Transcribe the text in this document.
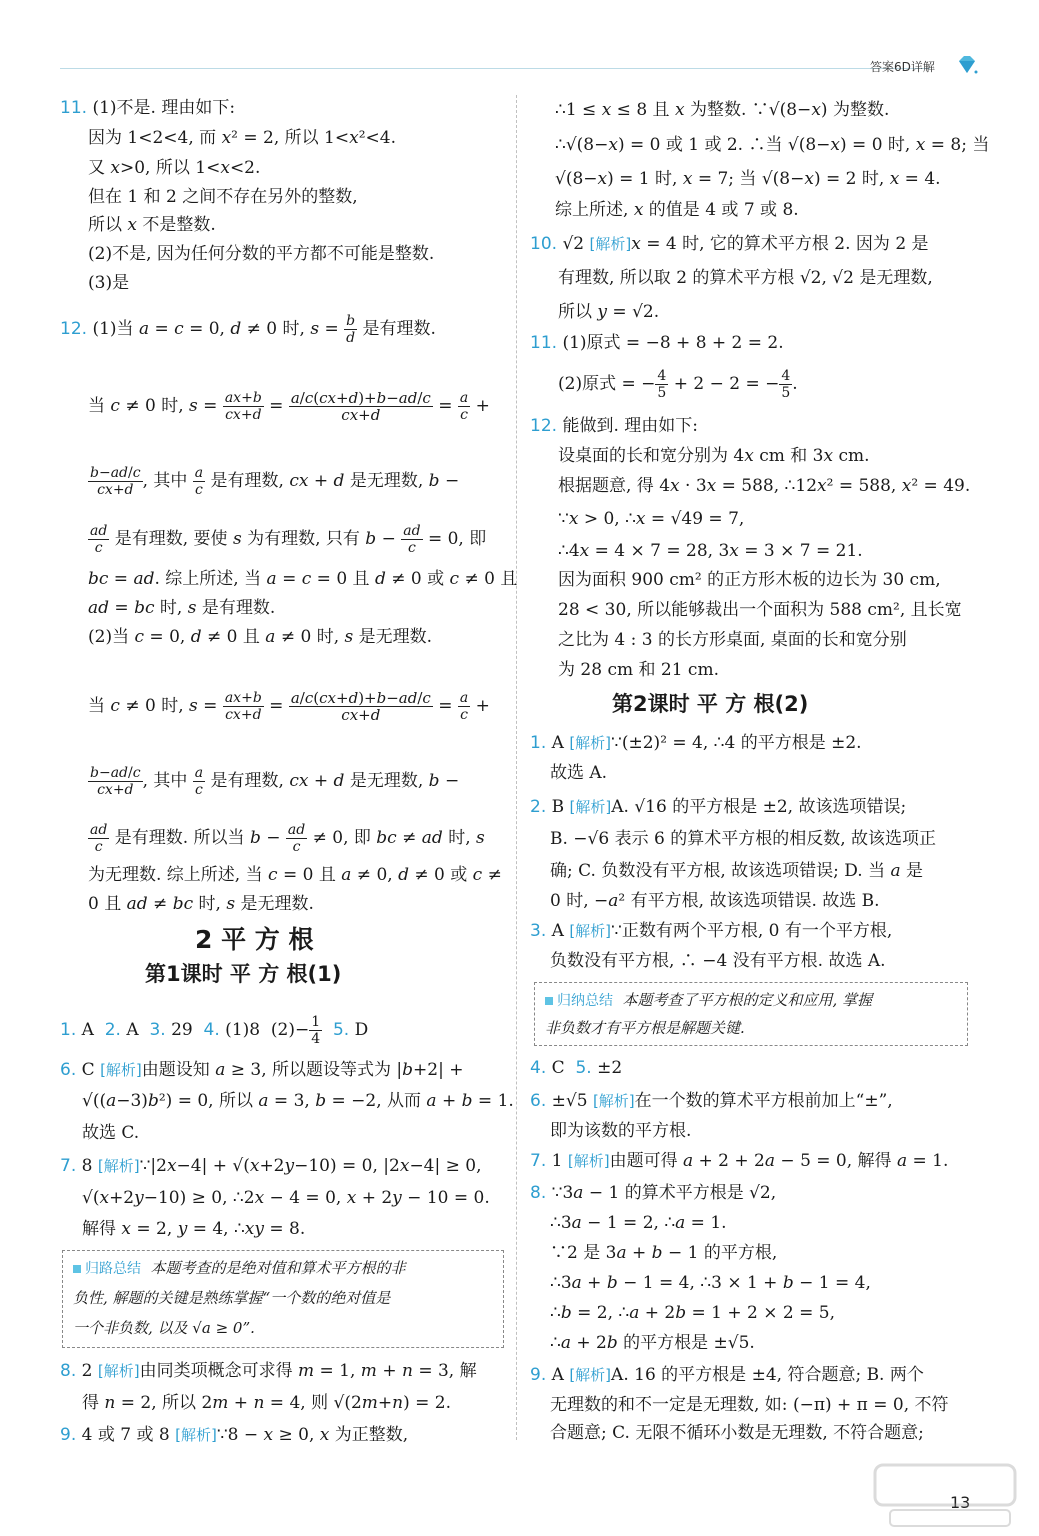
答案6D详解
11. (1)不是. 理由如下:
因为 1<2<4, 而 x² = 2, 所以 1<x²<4.
又 x>0, 所以 1<x<2.
但在 1 和 2 之间不存在另外的整数,
所以 x 不是整数.
(2)不是, 因为任何分数的平方都不可能是整数.
(3)是
12. (1)当 a = c = 0, d ≠ 0 时, $s = \frac{b}{d}$ 是有理数.
当 c ≠ 0 时, $s = \frac{ax+b}{cx+d} = \frac{a/c(cx+d)+b-ad/c}{cx+d} = \frac{a}{c}$ +
$\frac{b-ad/c}{cx+d}$ , 其中 $\frac{a}{c}$ 是有理数, cx + d 是无理数, b −
$\frac{ad}{c}$ 是有理数, 要使 s 为有理数, 只有 $b - \frac{ad}{c} = 0$, 即
bc = ad. 综上所述, 当 a = c = 0 且 d ≠ 0 或 c ≠ 0 且
ad = bc 时, s 是有理数.
(2)当 c = 0, d ≠ 0 且 a ≠ 0 时, s 是无理数.
当 c ≠ 0 时, $s = \frac{ax+b}{cx+d} = \frac{a/c(cx+d)+b-ad/c}{cx+d} = \frac{a}{c}$ +
$\frac{b-ad/c}{cx+d}$ , 其中 $\frac{a}{c}$ 是有理数, cx + d 是无理数, b −
$\frac{ad}{c}$ 是有理数. 所以当 $b - \frac{ad}{c} \ne 0$, 即 bc ≠ ad 时, s
为无理数. 综上所述, 当 c = 0 且 a ≠ 0, d ≠ 0 或 c ≠
0 且 ad ≠ bc 时, s 是无理数.
2 平 方 根
第1课时 平 方 根(1)
1. A  2. A  3. 29  4. (1)8  $(2)- \frac{1}{4} 5$. D
6. C [解析]由题设知 a ≥ 3, 所以题设等式为 |b+2| +
√((a−3)b²) = 0, 所以 a = 3, b = −2, 从而 a + b = 1.
故选 C.
7. 8 [解析]∵|2x−4| + √(x+2y−10) = 0, |2x−4| ≥ 0,
√(x+2y−10) ≥ 0, ∴2x − 4 = 0, x + 2y − 10 = 0.
解得 x = 2, y = 4, ∴xy = 8.
归路总结 本题考查的是绝对值和算术平方根的非
负性, 解题的关键是熟练掌握“一个数的绝对值是
一个非负数, 以及 √a ≥ 0”.
8. 2 [解析]由同类项概念可求得 m = 1, m + n = 3, 解
得 n = 2, 所以 2m + n = 4, 则 √(2m+n) = 2.
9. 4 或 7 或 8 [解析]∵8 − x ≥ 0, x 为正整数,
∴1 ≤ x ≤ 8 且 x 为整数. ∵√(8−x) 为整数.
∴√(8−x) = 0 或 1 或 2. ∴当 √(8−x) = 0 时, x = 8; 当
√(8−x) = 1 时, x = 7; 当 √(8−x) = 2 时, x = 4.
综上所述, x 的值是 4 或 7 或 8.
10. √2 [解析]x = 4 时, 它的算术平方根 2. 因为 2 是
有理数, 所以取 2 的算术平方根 √2, √2 是无理数,
所以 y = √2.
11. (1)原式 = −8 + 8 + 2 = 2.
(2)原式 = − $\frac{4}{5} + 2 - 2$ = − $\frac{4}{5}$ .
12. 能做到. 理由如下:
设桌面的长和宽分别为 4x cm 和 3x cm.
根据题意, 得 4x · 3x = 588, ∴12x² = 588, x² = 49.
∵x > 0, ∴x = √49 = 7,
∴4x = 4 × 7 = 28, 3x = 3 × 7 = 21.
因为面积 900 cm² 的正方形木板的边长为 30 cm,
28 < 30, 所以能够裁出一个面积为 588 cm², 且长宽
之比为 4 : 3 的长方形桌面, 桌面的长和宽分别
为 28 cm 和 21 cm.
第2课时 平 方 根(2)
1. A [解析]∵(±2)² = 4, ∴4 的平方根是 ±2.
故选 A.
2. B [解析]A. √16 的平方根是 ±2, 故该选项错误;
B. −√6 表示 6 的算术平方根的相反数, 故该选项正
确; C. 负数没有平方根, 故该选项错误; D. 当 a 是
0 时, −a² 有平方根, 故该选项错误. 故选 B.
3. A [解析]∵正数有两个平方根, 0 有一个平方根,
负数没有平方根, ∴ −4 没有平方根. 故选 A.
归纳总结 本题考查了平方根的定义和应用, 掌握
非负数才有平方根是解题关键.
4. C  5. ±2
6. ±√5 [解析]在一个数的算术平方根前加上“±”,
即为该数的平方根.
7. 1 [解析]由题可得 a + 2 + 2a − 5 = 0, 解得 a = 1.
8. ∵3a − 1 的算术平方根是 √2,
∴3a − 1 = 2, ∴a = 1.
∵2 是 3a + b − 1 的平方根,
∴3a + b − 1 = 4, ∴3 × 1 + b − 1 = 4,
∴b = 2, ∴a + 2b = 1 + 2 × 2 = 5,
∴a + 2b 的平方根是 ±√5.
9. A [解析]A. 16 的平方根是 ±4, 符合题意; B. 两个
无理数的和不一定是无理数, 如: (−π) + π = 0, 不符
合题意; C. 无限不循环小数是无理数, 不符合题意;
13
